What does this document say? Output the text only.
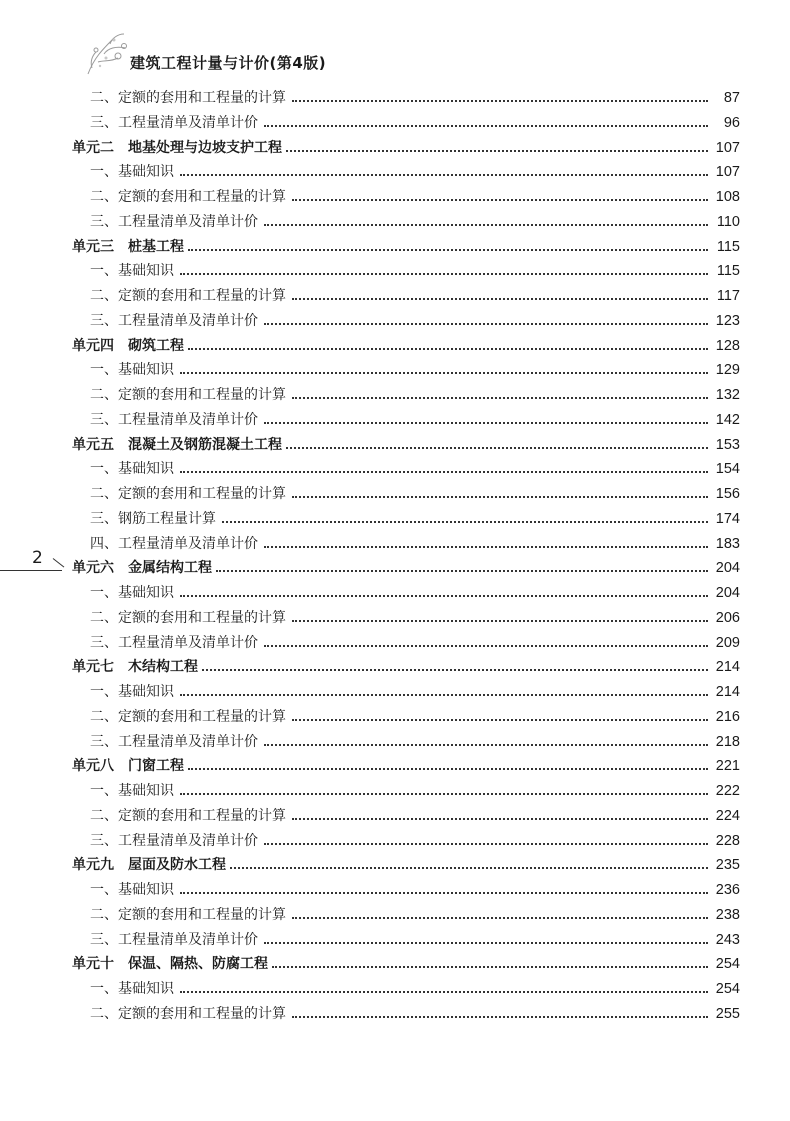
建筑工程计量与计价(第4版)
2
二、定额的套用和工程量的计算	87
三、工程量清单及清单计价	96
单元二　地基处理与边坡支护工程	107
一、基础知识	107
二、定额的套用和工程量的计算	108
三、工程量清单及清单计价	110
单元三　桩基工程	115
一、基础知识	115
二、定额的套用和工程量的计算	117
三、工程量清单及清单计价	123
单元四　砌筑工程	128
一、基础知识	129
二、定额的套用和工程量的计算	132
三、工程量清单及清单计价	142
单元五　混凝土及钢筋混凝土工程	153
一、基础知识	154
二、定额的套用和工程量的计算	156
三、钢筋工程量计算	174
四、工程量清单及清单计价	183
单元六　金属结构工程	204
一、基础知识	204
二、定额的套用和工程量的计算	206
三、工程量清单及清单计价	209
单元七　木结构工程	214
一、基础知识	214
二、定额的套用和工程量的计算	216
三、工程量清单及清单计价	218
单元八　门窗工程	221
一、基础知识	222
二、定额的套用和工程量的计算	224
三、工程量清单及清单计价	228
单元九　屋面及防水工程	235
一、基础知识	236
二、定额的套用和工程量的计算	238
三、工程量清单及清单计价	243
单元十　保温、隔热、防腐工程	254
一、基础知识	254
二、定额的套用和工程量的计算	255
